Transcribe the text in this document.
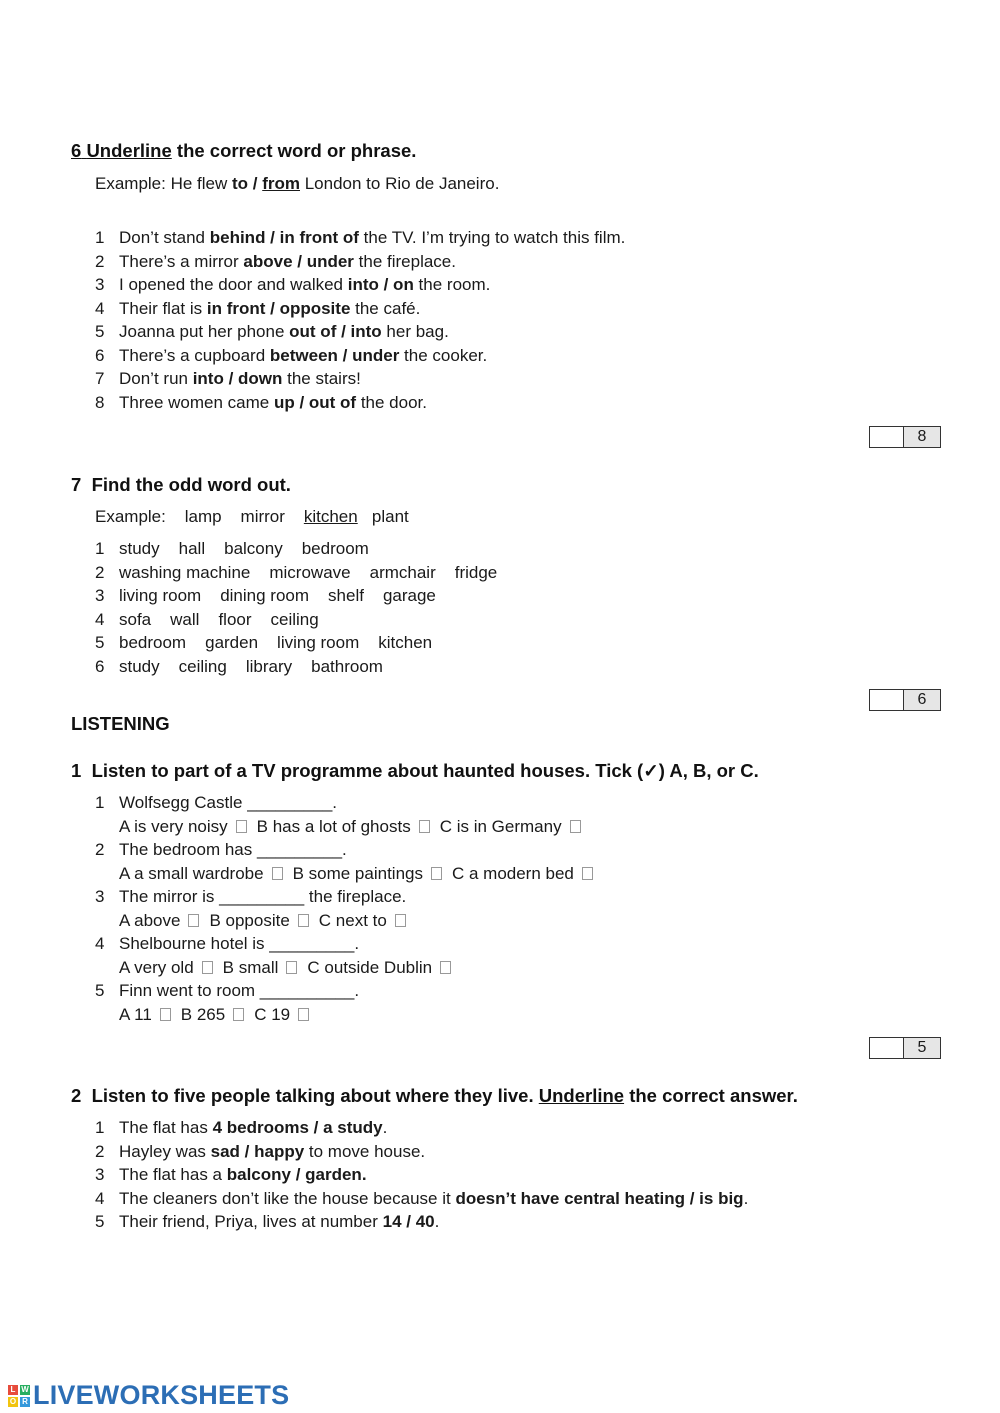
6 Underline the correct word or phrase.
Example: He flew to / from London to Rio de Janeiro.
1 Don’t stand behind / in front of the TV. I’m trying to watch this film.
2 There’s a mirror above / under the fireplace.
3 I opened the door and walked into / on the room.
4 Their flat is in front / opposite the café.
5 Joanna put her phone out of / into her bag.
6 There’s a cupboard between / under the cooker.
7 Don’t run into / down the stairs!
8 Three women came up / out of the door.
8
7 Find the odd word out.
Example: lamp mirror kitchen plant
1 study hall balcony bedroom
2 washing machine microwave armchair fridge
3 living room dining room shelf garage
4 sofa wall floor ceiling
5 bedroom garden living room kitchen
6 study ceiling library bathroom
6
LISTENING
1 Listen to part of a TV programme about haunted houses. Tick (✓) A, B, or C.
1 Wolfsegg Castle _________.
A is very noisy	B has a lot of ghosts	C is in Germany
2 The bedroom has _________.
A a small wardrobe	B some paintings	C a modern bed
3 The mirror is _________ the fireplace.
A above	B opposite	C next to
4 Shelbourne hotel is _________.
A very old	B small	C outside Dublin
5 Finn went to room __________.
A 11	B 265	C 19
5
2 Listen to five people talking about where they live. Underline the correct answer.
1 The flat has 4 bedrooms / a study.
2 Hayley was sad / happy to move house.
3 The flat has a balcony / garden.
4 The cleaners don’t like the house because it doesn’t have central heating / is big.
5 Their friend, Priya, lives at number 14 / 40.
L W
O R LIVEWORKSHEETS
